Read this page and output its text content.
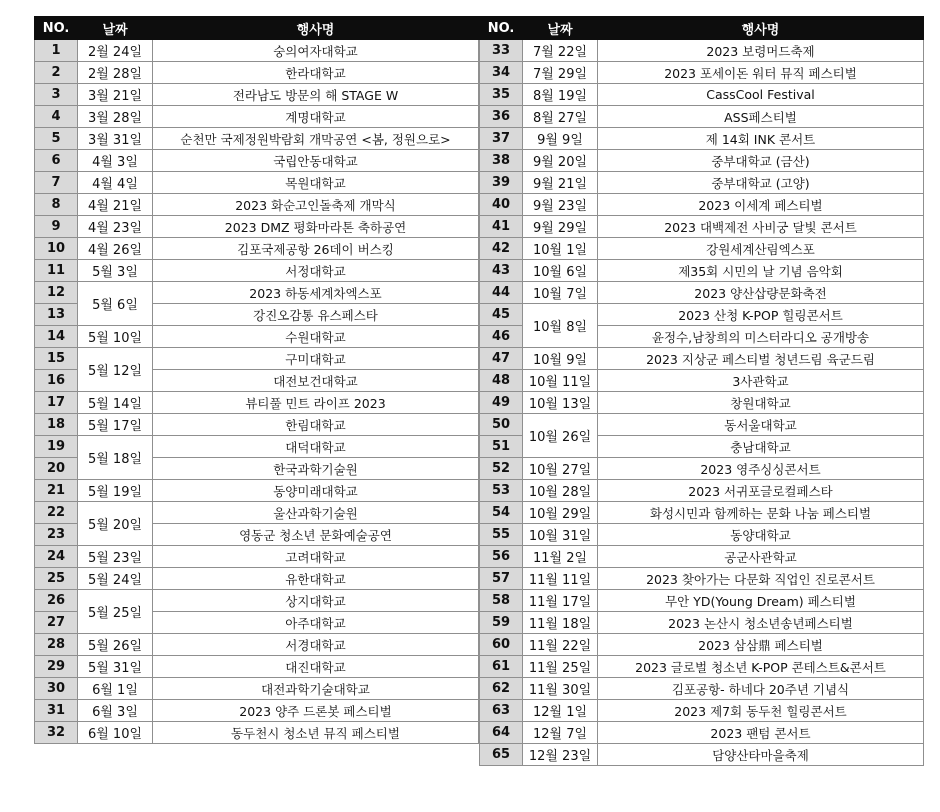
NO.	날짜	행사명
1	2월 24일	숭의여자대학교
2	2월 28일	한라대학교
3	3월 21일	전라남도 방문의 해 STAGE W
4	3월 28일	계명대학교
5	3월 31일	순천만 국제정원박람회 개막공연 <봄, 정원으로>
6	4월 3일	국립안동대학교
7	4월 4일	목원대학교
8	4월 21일	2023 화순고인돌축제 개막식
9	4월 23일	2023 DMZ 평화마라톤 축하공연
10	4월 26일	김포국제공항 26데이 버스킹
11	5월 3일	서정대학교
12	5월 6일	2023 하동세계차엑스포
13		강진오감통 유스페스타
14	5월 10일	수원대학교
15	5월 12일	구미대학교
16		대전보건대학교
17	5월 14일	뷰티풀 민트 라이프 2023
18	5월 17일	한림대학교
19	5월 18일	대덕대학교
20		한국과학기술원
21	5월 19일	동양미래대학교
22	5월 20일	울산과학기술원
23		영동군 청소년 문화예술공연
24	5월 23일	고려대학교
25	5월 24일	유한대학교
26	5월 25일	상지대학교
27		아주대학교
28	5월 26일	서경대학교
29	5월 31일	대진대학교
30	6월 1일	대전과학기술대학교
31	6월 3일	2023 양주 드론봇 페스티벌
32	6월 10일	동두천시 청소년 뮤직 페스티벌
NO.	날짜	행사명
33	7월 22일	2023 보령머드축제
34	7월 29일	2023 포세이돈 워터 뮤직 페스티벌
35	8월 19일	CassCool Festival
36	8월 27일	ASS페스티벌
37	9월 9일	제 14회 INK 콘서트
38	9월 20일	중부대학교 (금산)
39	9월 21일	중부대학교 (고양)
40	9월 23일	2023 이세계 페스티벌
41	9월 29일	2023 대백제전 사비궁 달빛 콘서트
42	10월 1일	강원세계산림엑스포
43	10월 6일	제35회 시민의 날 기념 음악회
44	10월 7일	2023 양산삽량문화축전
45	10월 8일	2023 산청 K-POP 힐링콘서트
46		윤정수,남창희의 미스터라디오 공개방송
47	10월 9일	2023 지상군 페스티벌 청년드림 육군드림
48	10월 11일	3사관학교
49	10월 13일	창원대학교
50	10월 26일	동서울대학교
51		충남대학교
52	10월 27일	2023 영주싱싱콘서트
53	10월 28일	2023 서귀포글로컬페스타
54	10월 29일	화성시민과 함께하는 문화 나눔 페스티벌
55	10월 31일	동양대학교
56	11월 2일	공군사관학교
57	11월 11일	2023 찾아가는 다문화 직업인 진로콘서트
58	11월 17일	무안 YD(Young Dream) 페스티벌
59	11월 18일	2023 논산시 청소년송년페스티벌
60	11월 22일	2023 삼삼鼎 페스티벌
61	11월 25일	2023 글로벌 청소년 K-POP 콘테스트&콘서트
62	11월 30일	김포공항- 하네다 20주년 기념식
63	12월 1일	2023 제7회 동두천 힐링콘서트
64	12월 7일	2023 팬텀 콘서트
65	12월 23일	담양산타마을축제
